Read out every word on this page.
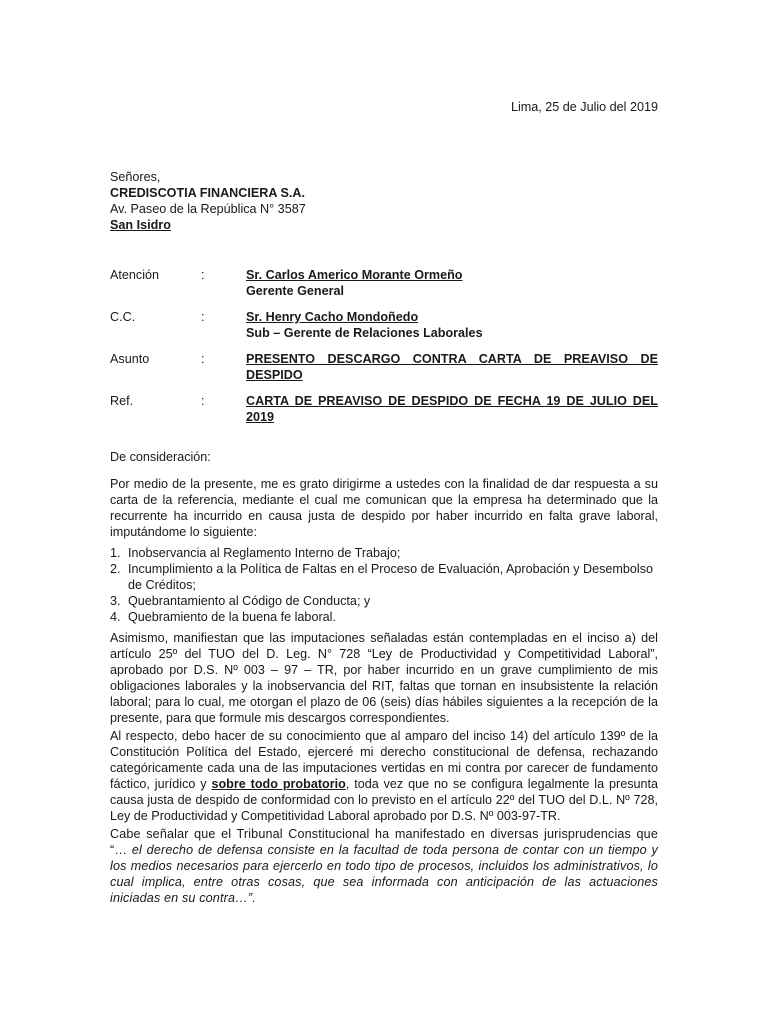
Lima, 25 de Julio del 2019
Señores,
CREDISCOTIA FINANCIERA S.A.
Av. Paseo de la República N° 3587
San Isidro
Atención	:	Sr. Carlos Americo Morante Ormeño
Gerente General
C.C.	:	Sr. Henry Cacho Mondoñedo
Sub – Gerente de Relaciones Laborales
Asunto	:	PRESENTO DESCARGO CONTRA CARTA DE PREAVISO DE DESPIDO
Ref.	:	CARTA DE PREAVISO DE DESPIDO DE FECHA 19 DE JULIO DEL 2019
De consideración:
Por medio de la presente, me es grato dirigirme a ustedes con la finalidad de dar respuesta a su carta de la referencia, mediante el cual me comunican que la empresa ha determinado que la recurrente ha incurrido en causa justa de despido por haber incurrido en falta grave laboral, imputándome lo siguiente:
1. Inobservancia al Reglamento Interno de Trabajo;
2. Incumplimiento a la Política de Faltas en el Proceso de Evaluación, Aprobación y Desembolso de Créditos;
3. Quebrantamiento al Código de Conducta; y
4. Quebramiento de la buena fe laboral.
Asimismo, manifiestan que las imputaciones señaladas están contempladas en el inciso a) del artículo 25º del TUO del D. Leg. N° 728 “Ley de Productividad y Competitividad Laboral”, aprobado por D.S. Nº 003 – 97 – TR, por haber incurrido en un grave cumplimiento de mis obligaciones laborales y la inobservancia del RIT, faltas que tornan en insubsistente la relación laboral; para lo cual, me otorgan el plazo de 06 (seis) días hábiles siguientes a la recepción de la presente, para que formule mis descargos correspondientes.
Al respecto, debo hacer de su conocimiento que al amparo del inciso 14) del artículo 139º de la Constitución Política del Estado, ejerceré mi derecho constitucional de defensa, rechazando categóricamente cada una de las imputaciones vertidas en mi contra por carecer de fundamento fáctico, jurídico y sobre todo probatorio, toda vez que no se configura legalmente la presunta causa justa de despido de conformidad con lo previsto en el artículo 22º del TUO del D.L. Nº 728, Ley de Productividad y Competitividad Laboral aprobado por D.S. Nº 003-97-TR.
Cabe señalar que el Tribunal Constitucional ha manifestado en diversas jurisprudencias que “… el derecho de defensa consiste en la facultad de toda persona de contar con un tiempo y los medios necesarios para ejercerlo en todo tipo de procesos, incluidos los administrativos, lo cual implica, entre otras cosas, que sea informada con anticipación de las actuaciones iniciadas en su contra…”.
